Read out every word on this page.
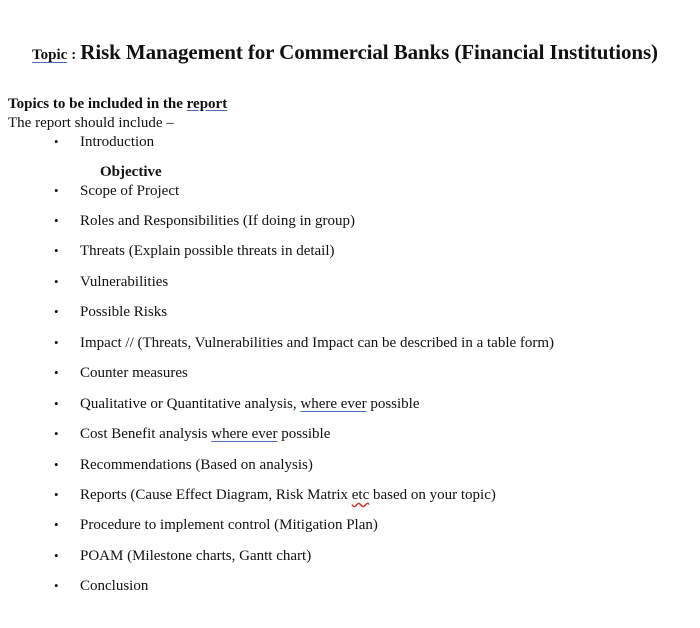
Topic : Risk Management for Commercial Banks (Financial Institutions)
Topics to be included in the report
The report should include –
Objective
•	Introduction
•	Scope of Project
•	Roles and Responsibilities (If doing in group)
•	Threats (Explain possible threats in detail)
•	Vulnerabilities
•	Possible Risks
•	Impact // (Threats, Vulnerabilities and Impact can be described in a table form)
•	Counter measures
•	Qualitative or Quantitative analysis, where ever possible
•	Cost Benefit analysis where ever possible
•	Recommendations (Based on analysis)
•	Reports (Cause Effect Diagram, Risk Matrix etc based on your topic)
•	Procedure to implement control (Mitigation Plan)
•	POAM (Milestone charts, Gantt chart)
•	Conclusion
